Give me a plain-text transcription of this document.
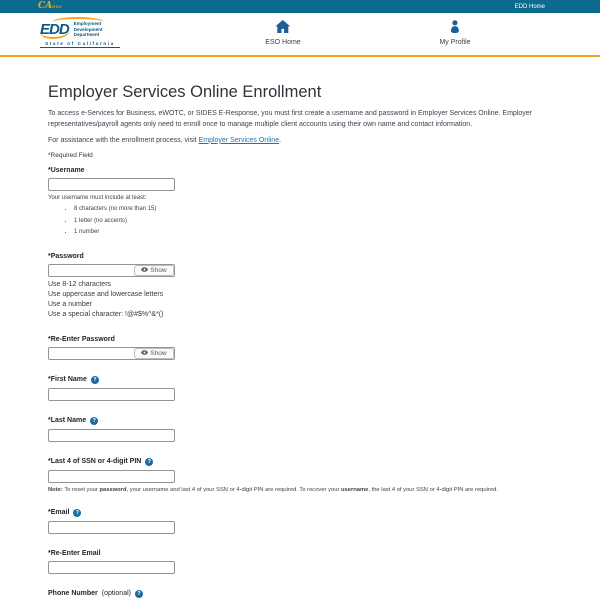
CAGOV	EDD Home
EDD	Employment
Development
Department
State of California	ESO Home	My Profile
Employer Services Online Enrollment

To access e-Services for Business, eWOTC, or SIDES E-Response, you must first create a username and password in Employer Services Online. Employer representatives/payroll agents only need to enroll once to manage multiple client accounts using their own name and contact information.

For assistance with the enrollment process, visit Employer Services Online.

*Required Field

*Username
Your username must include at least:
• 8 characters (no more than 15)
• 1 letter (no accents)
• 1 number
*Password
Show
Use 8-12 characters
Use uppercase and lowercase letters
Use a number
Use a special character: !@#$%^&*()
*Re-Enter Password
Show
*First Name	?
*Last Name	?
*Last 4 of SSN or 4-digit PIN	?
Note: To reset your password, your username and last 4 of your SSN or 4-digit PIN are required. To recover your username, the last 4 of your SSN or 4-digit PIN are required.
*Email	?
*Re-Enter Email
Phone Number (optional)	?
